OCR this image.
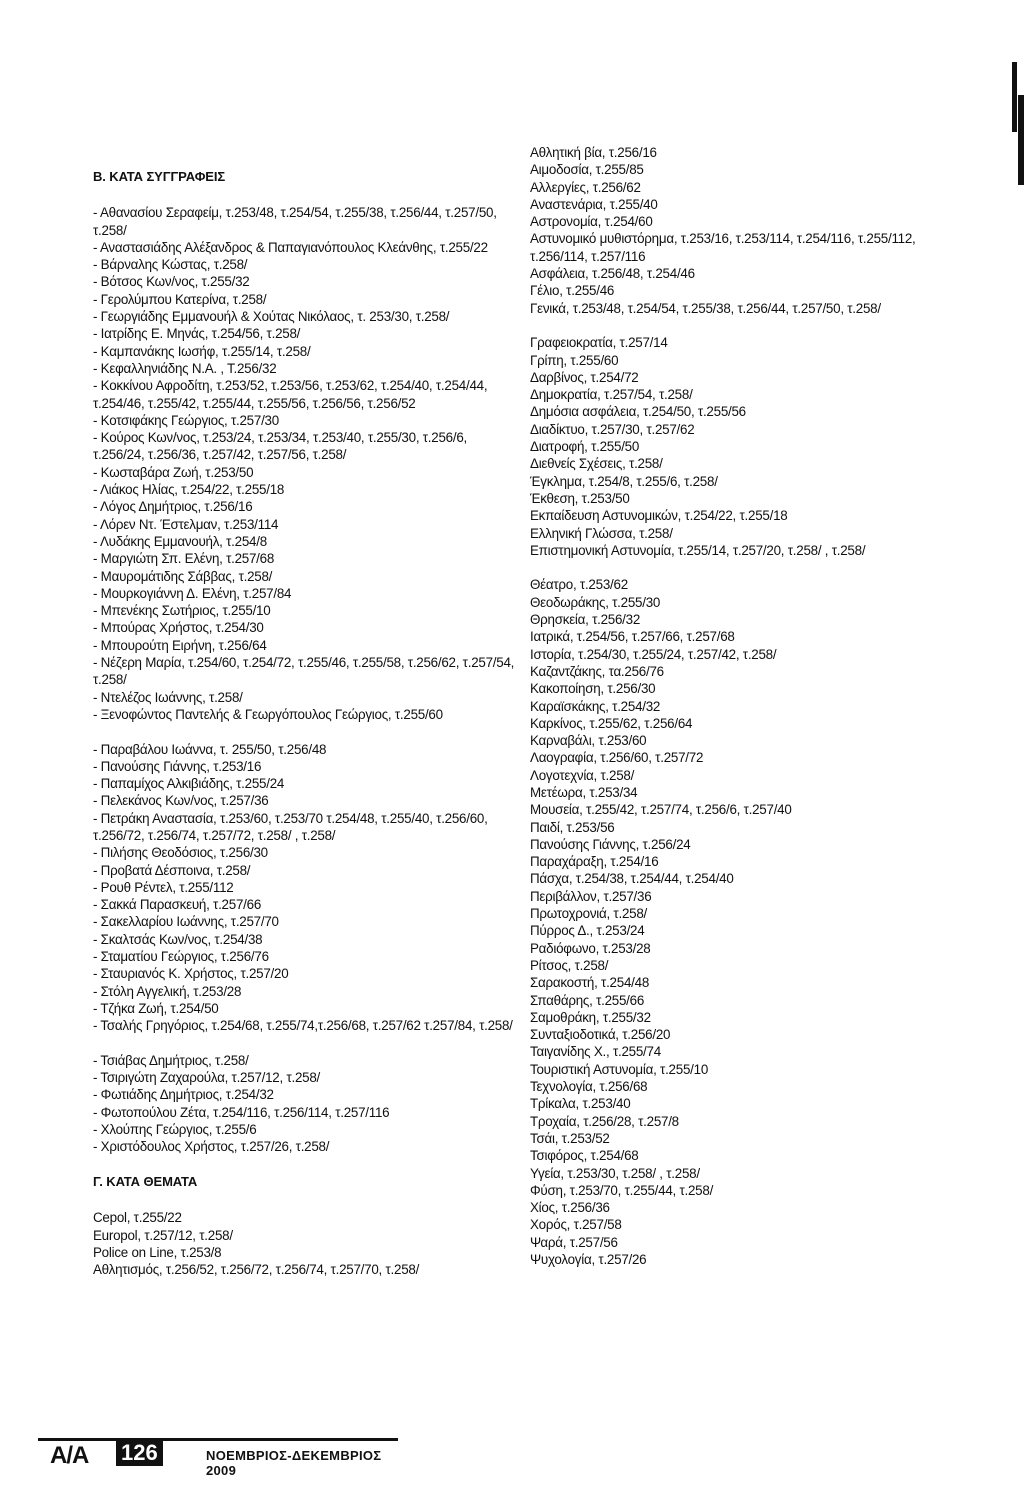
Β. ΚΑΤΑ ΣΥΓΓΡΑΦΕΙΣ
- Αθανασίου Σεραφείμ, τ.253/48, τ.254/54, τ.255/38, τ.256/44, τ.257/50,
τ.258/
- Αναστασιάδης Αλέξανδρος & Παπαγιανόπουλος Κλεάνθης, τ.255/22
- Βάρναλης Κώστας, τ.258/
- Βότσος Κων/νος, τ.255/32
- Γερολύμπου Κατερίνα, τ.258/
- Γεωργιάδης Εμμανουήλ & Χούτας Νικόλαος, τ. 253/30, τ.258/
- Ιατρίδης Ε. Μηνάς, τ.254/56, τ.258/
- Καμπανάκης Ιωσήφ, τ.255/14, τ.258/
- Κεφαλληνιάδης Ν.Α. , Τ.256/32
- Κοκκίνου Αφροδίτη, τ.253/52, τ.253/56, τ.253/62, τ.254/40, τ.254/44,
τ.254/46, τ.255/42, τ.255/44, τ.255/56, τ.256/56, τ.256/52
- Κοτσιφάκης Γεώργιος, τ.257/30
- Κούρος Κων/νος, τ.253/24, τ.253/34, τ.253/40, τ.255/30, τ.256/6,
τ.256/24, τ.256/36, τ.257/42, τ.257/56, τ.258/
- Κωσταβάρα Ζωή, τ.253/50
- Λιάκος Ηλίας, τ.254/22, τ.255/18
- Λόγος Δημήτριος, τ.256/16
- Λόρεν Ντ. Έστελμαν, τ.253/114
- Λυδάκης Εμμανουήλ, τ.254/8
- Μαργιώτη Σπ. Ελένη, τ.257/68
- Μαυρομάτιδης Σάββας, τ.258/
- Μουρκογιάννη Δ. Ελένη, τ.257/84
- Μπενέκης Σωτήριος, τ.255/10
- Μπούρας Χρήστος, τ.254/30
- Μπουρούτη Ειρήνη, τ.256/64
- Νέζερη Μαρία, τ.254/60, τ.254/72, τ.255/46, τ.255/58, τ.256/62, τ.257/54,
τ.258/
- Ντελέζος Ιωάννης, τ.258/
- Ξενοφώντος Παντελής & Γεωργόπουλος Γεώργιος, τ.255/60
- Παραβάλου Ιωάννα, τ. 255/50, τ.256/48
- Πανούσης Γιάννης, τ.253/16
- Παπαμίχος Αλκιβιάδης, τ.255/24
- Πελεκάνος Κων/νος, τ.257/36
- Πετράκη Αναστασία, τ.253/60, τ.253/70 τ.254/48, τ.255/40, τ.256/60,
τ.256/72, τ.256/74, τ.257/72, τ.258/ , τ.258/
- Πιλήσης Θεοδόσιος, τ.256/30
- Προβατά Δέσποινα, τ.258/
- Ρουθ Ρέντελ, τ.255/112
- Σακκά Παρασκευή, τ.257/66
- Σακελλαρίου Ιωάννης, τ.257/70
- Σκαλτσάς Κων/νος, τ.254/38
- Σταματίου Γεώργιος, τ.256/76
- Σταυριανός Κ. Χρήστος, τ.257/20
- Στόλη Αγγελική, τ.253/28
- Τζήκα Ζωή, τ.254/50
- Τσαλής Γρηγόριος, τ.254/68, τ.255/74,τ.256/68, τ.257/62 τ.257/84, τ.258/
- Τσιάβας Δημήτριος, τ.258/
- Τσιριγώτη Ζαχαρούλα, τ.257/12, τ.258/
- Φωτιάδης Δημήτριος, τ.254/32
- Φωτοπούλου Ζέτα, τ.254/116, τ.256/114, τ.257/116
- Χλούπης Γεώργιος, τ.255/6
- Χριστόδουλος Χρήστος, τ.257/26, τ.258/
Γ. ΚΑΤΑ ΘΕΜΑΤΑ
Cepol, τ.255/22
Europol, τ.257/12, τ.258/
Police on Line, τ.253/8
Αθλητισμός, τ.256/52, τ.256/72, τ.256/74, τ.257/70, τ.258/
Αθλητική βία, τ.256/16
Αιμοδοσία, τ.255/85
Αλλεργίες, τ.256/62
Αναστενάρια, τ.255/40
Αστρονομία, τ.254/60
Αστυνομικό μυθιστόρημα, τ.253/16, τ.253/114, τ.254/116, τ.255/112,
τ.256/114, τ.257/116
Ασφάλεια, τ.256/48, τ.254/46
Γέλιο, τ.255/46
Γενικά, τ.253/48, τ.254/54, τ.255/38, τ.256/44, τ.257/50, τ.258/
Γραφειοκρατία, τ.257/14
Γρίπη, τ.255/60
Δαρβίνος, τ.254/72
Δημοκρατία, τ.257/54, τ.258/
Δημόσια ασφάλεια, τ.254/50, τ.255/56
Διαδίκτυο, τ.257/30, τ.257/62
Διατροφή, τ.255/50
Διεθνείς Σχέσεις, τ.258/
Έγκλημα, τ.254/8, τ.255/6, τ.258/
Έκθεση, τ.253/50
Εκπαίδευση Αστυνομικών, τ.254/22, τ.255/18
Ελληνική Γλώσσα, τ.258/
Επιστημονική Αστυνομία, τ.255/14, τ.257/20, τ.258/ , τ.258/
Θέατρο, τ.253/62
Θεοδωράκης, τ.255/30
Θρησκεία, τ.256/32
Ιατρικά, τ.254/56, τ.257/66, τ.257/68
Ιστορία, τ.254/30, τ.255/24, τ.257/42, τ.258/
Καζαντζάκης, τα.256/76
Κακοποίηση, τ.256/30
Καραϊσκάκης, τ.254/32
Καρκίνος, τ.255/62, τ.256/64
Καρναβάλι, τ.253/60
Λαογραφία, τ.256/60, τ.257/72
Λογοτεχνία, τ.258/
Μετέωρα, τ.253/34
Μουσεία, τ.255/42, τ.257/74, τ.256/6, τ.257/40
Παιδί, τ.253/56
Πανούσης Γιάννης, τ.256/24
Παραχάραξη, τ.254/16
Πάσχα, τ.254/38, τ.254/44, τ.254/40
Περιβάλλον, τ.257/36
Πρωτοχρονιά, τ.258/
Πύρρος Δ., τ.253/24
Ραδιόφωνο, τ.253/28
Ρίτσος, τ.258/
Σαρακοστή, τ.254/48
Σπαθάρης, τ.255/66
Σαμοθράκη, τ.255/32
Συνταξιοδοτικά, τ.256/20
Ταιγανίδης Χ., τ.255/74
Τουριστική Αστυνομία, τ.255/10
Τεχνολογία, τ.256/68
Τρίκαλα, τ.253/40
Τροχαία, τ.256/28, τ.257/8
Τσάι, τ.253/52
Τσιφόρος, τ.254/68
Υγεία, τ.253/30, τ.258/ , τ.258/
Φύση, τ.253/70, τ.255/44, τ.258/
Χίος, τ.256/36
Χορός, τ.257/58
Ψαρά, τ.257/56
Ψυχολογία, τ.257/26
Α/Α 126	ΝΟΕΜΒΡΙΟΣ-ΔΕΚΕΜΒΡΙΟΣ 2009
